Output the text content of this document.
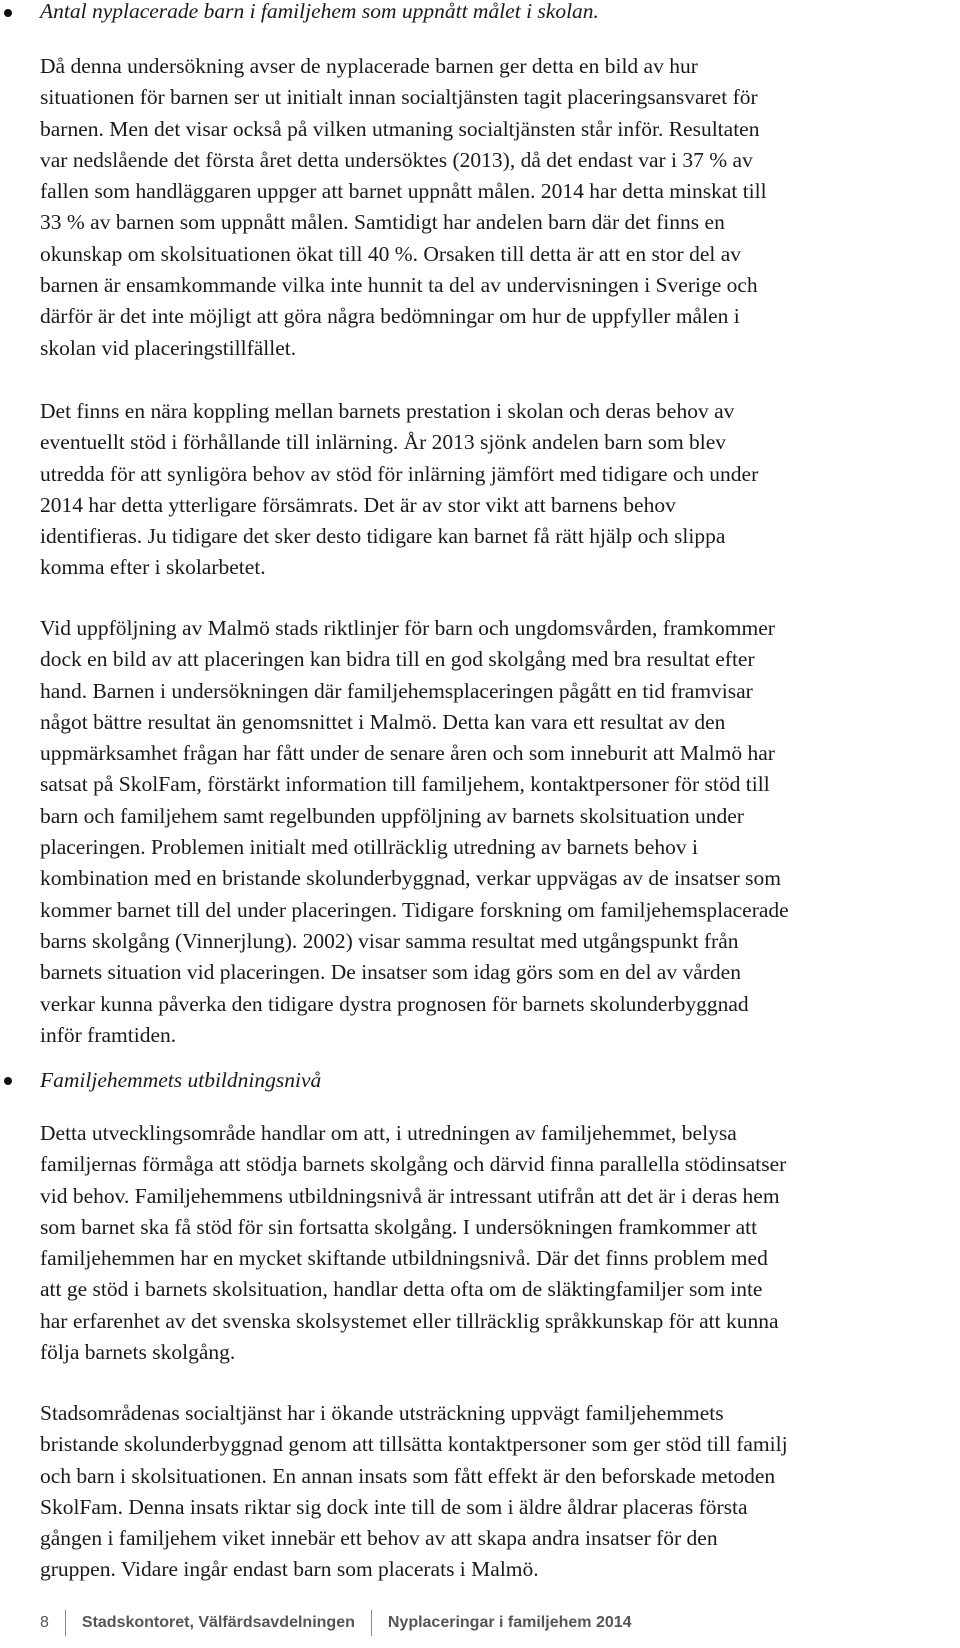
Antal nyplacerade barn i familjehem som uppnått målet i skolan.
Då denna undersökning avser de nyplacerade barnen ger detta en bild av hur
situationen för barnen ser ut initialt innan socialtjänsten tagit placeringsansvaret för
barnen. Men det visar också på vilken utmaning socialtjänsten står inför. Resultaten
var nedslående det första året detta undersöktes (2013), då det endast var i 37 % av
fallen som handläggaren uppger att barnet uppnått målen. 2014 har detta minskat till
33 % av barnen som uppnått målen. Samtidigt har andelen barn där det finns en
okunskap om skolsituationen ökat till 40 %. Orsaken till detta är att en stor del av
barnen är ensamkommande vilka inte hunnit ta del av undervisningen i Sverige och
därför är det inte möjligt att göra några bedömningar om hur de uppfyller målen i
skolan vid placeringstillfället.
Det finns en nära koppling mellan barnets prestation i skolan och deras behov av
eventuellt stöd i förhållande till inlärning. År 2013 sjönk andelen barn som blev
utredda för att synligöra behov av stöd för inlärning jämfört med tidigare och under
2014 har detta ytterligare försämrats. Det är av stor vikt att barnens behov
identifieras. Ju tidigare det sker desto tidigare kan barnet få rätt hjälp och slippa
komma efter i skolarbetet.
Vid uppföljning av Malmö stads riktlinjer för barn och ungdomsvården, framkommer
dock en bild av att placeringen kan bidra till en god skolgång med bra resultat efter
hand. Barnen i undersökningen där familjehemsplaceringen pågått en tid framvisar
något bättre resultat än genomsnittet i Malmö. Detta kan vara ett resultat av den
uppmärksamhet frågan har fått under de senare åren och som inneburit att Malmö har
satsat på SkolFam, förstärkt information till familjehem, kontaktpersoner för stöd till
barn och familjehem samt regelbunden uppföljning av barnets skolsituation under
placeringen. Problemen initialt med otillräcklig utredning av barnets behov i
kombination med en bristande skolunderbyggnad, verkar uppvägas av de insatser som
kommer barnet till del under placeringen. Tidigare forskning om familjehemsplacerade
barns skolgång (Vinnerjlung). 2002) visar samma resultat med utgångspunkt från
barnets situation vid placeringen. De insatser som idag görs som en del av vården
verkar kunna påverka den tidigare dystra prognosen för barnets skolunderbyggnad
inför framtiden.
Familjehemmets utbildningsnivå
Detta utvecklingsområde handlar om att, i utredningen av familjehemmet, belysa
familjernas förmåga att stödja barnets skolgång och därvid finna parallella stödinsatser
vid behov. Familjehemmens utbildningsnivå är intressant utifrån att det är i deras hem
som barnet ska få stöd för sin fortsatta skolgång. I undersökningen framkommer att
familjehemmen har en mycket skiftande utbildningsnivå. Där det finns problem med
att ge stöd i barnets skolsituation, handlar detta ofta om de släktingfamiljer som inte
har erfarenhet av det svenska skolsystemet eller tillräcklig språkkunskap för att kunna
följa barnets skolgång.
Stadsområdenas socialtjänst har i ökande utsträckning uppvägt familjehemmets
bristande skolunderbyggnad genom att tillsätta kontaktpersoner som ger stöd till familj
och barn i skolsituationen. En annan insats som fått effekt är den beforskade metoden
SkolFam. Denna insats riktar sig dock inte till de som i äldre åldrar placeras första
gången i familjehem viket innebär ett behov av att skapa andra insatser för den
gruppen. Vidare ingår endast barn som placerats i Malmö.
8 Stadskontoret, Välfärdsavdelningen Nyplaceringar i familjehem 2014
